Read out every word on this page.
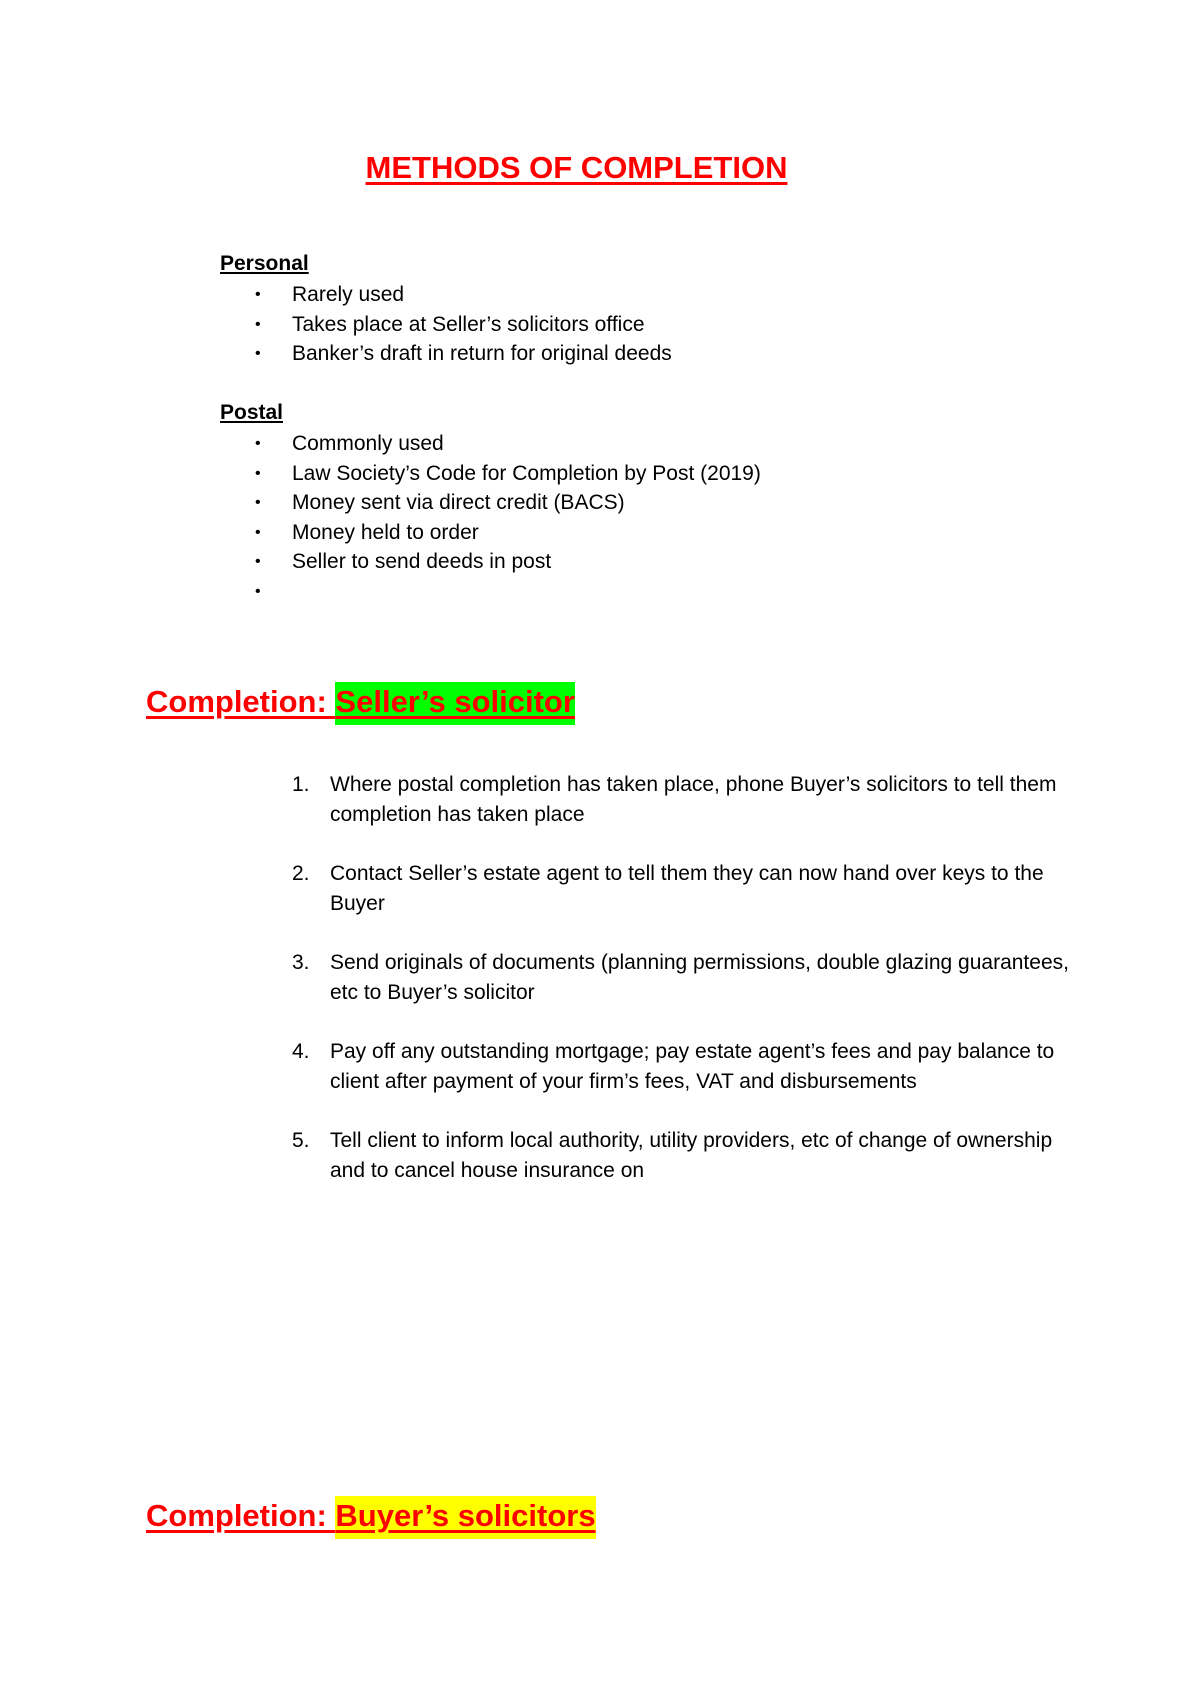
METHODS OF COMPLETION
Personal
• Rarely used
• Takes place at Seller’s solicitors office
• Banker’s draft in return for original deeds
Postal
• Commonly used
• Law Society’s Code for Completion by Post (2019)
• Money sent via direct credit (BACS)
• Money held to order
• Seller to send deeds in post
•
Completion: Seller’s solicitor
1. Where postal completion has taken place, phone Buyer’s solicitors to tell them completion has taken place
2. Contact Seller’s estate agent to tell them they can now hand over keys to the Buyer
3. Send originals of documents (planning permissions, double glazing guarantees, etc to Buyer’s solicitor
4. Pay off any outstanding mortgage; pay estate agent’s fees and pay balance to client after payment of your firm’s fees, VAT and disbursements
5. Tell client to inform local authority, utility providers, etc of change of ownership and to cancel house insurance on
Completion: Buyer’s solicitors
